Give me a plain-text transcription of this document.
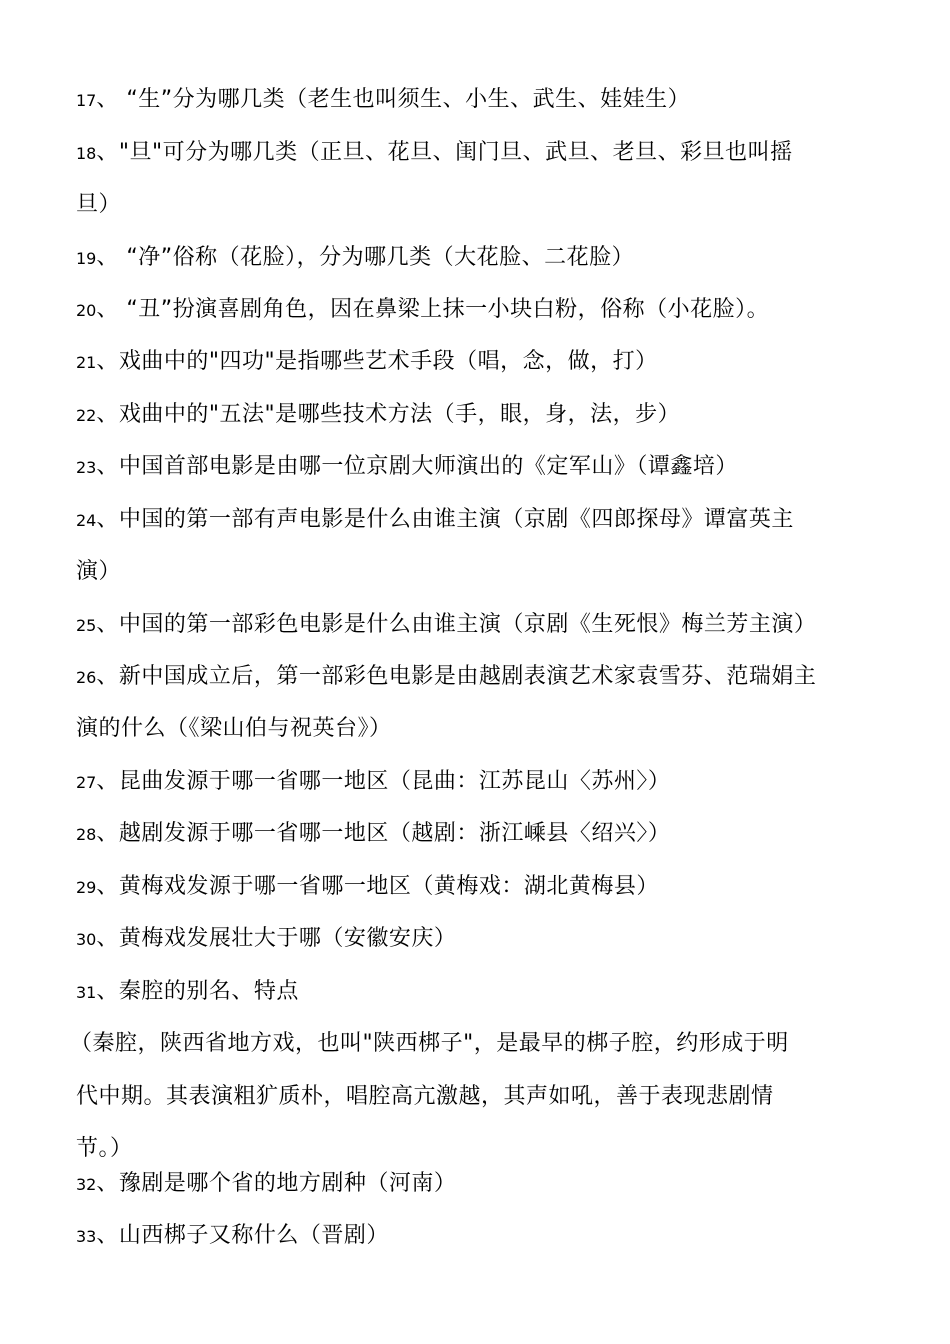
17、 “生”分为哪几类（老生也叫须生、小生、武生、娃娃生）
18、"旦"可分为哪几类（正旦、花旦、闺门旦、武旦、老旦、彩旦也叫摇
旦）
19、 “净”俗称（花脸），分为哪几类（大花脸、二花脸）
20、 “丑”扮演喜剧角色，因在鼻梁上抹一小块白粉，俗称（小花脸）。
21、戏曲中的"四功"是指哪些艺术手段（唱，念，做，打）
22、戏曲中的"五法"是哪些技术方法（手，眼，身，法，步）
23、中国首部电影是由哪一位京剧大师演出的《定军山》（谭鑫培）
24、中国的第一部有声电影是什么由谁主演（京剧《四郎探母》谭富英主
演）
25、中国的第一部彩色电影是什么由谁主演（京剧《生死恨》梅兰芳主演）
26、新中国成立后，第一部彩色电影是由越剧表演艺术家袁雪芬、范瑞娟主
演的什么（《梁山伯与祝英台》）
27、昆曲发源于哪一省哪一地区（昆曲：江苏昆山〈苏州〉）
28、越剧发源于哪一省哪一地区（越剧：浙江嵊县〈绍兴〉）
29、黄梅戏发源于哪一省哪一地区（黄梅戏：湖北黄梅县）
30、黄梅戏发展壮大于哪（安徽安庆）
31、秦腔的别名、特点
（秦腔，陕西省地方戏，也叫"陕西梆子"，是最早的梆子腔，约形成于明
代中期。其表演粗犷质朴，唱腔高亢激越，其声如吼，善于表现悲剧情
节。）
32、豫剧是哪个省的地方剧种（河南）
33、山西梆子又称什么（晋剧）
